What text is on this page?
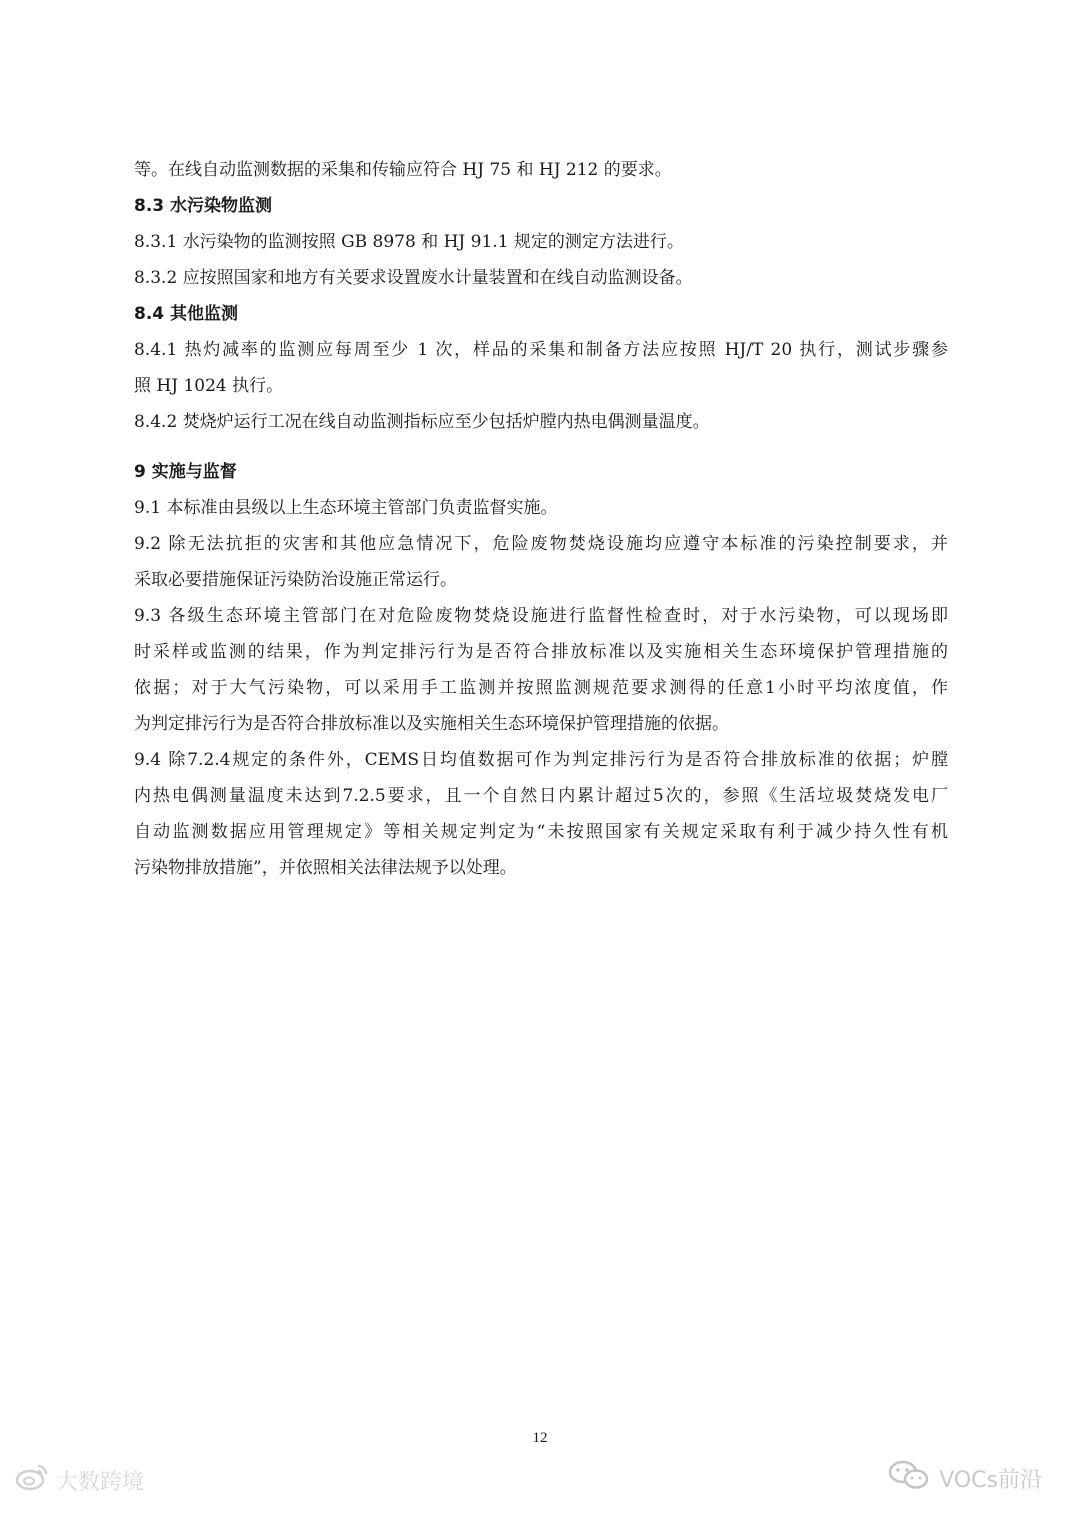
等。在线自动监测数据的采集和传输应符合 HJ 75 和 HJ 212 的要求。
8.3 水污染物监测
8.3.1 水污染物的监测按照 GB 8978 和 HJ 91.1 规定的测定方法进行。
8.3.2 应按照国家和地方有关要求设置废水计量装置和在线自动监测设备。
8.4 其他监测
8.4.1 热灼减率的监测应每周至少 1 次，样品的采集和制备方法应按照 HJ/T 20 执行，测试步骤参
照 HJ 1024 执行。
8.4.2 焚烧炉运行工况在线自动监测指标应至少包括炉膛内热电偶测量温度。
9 实施与监督
9.1 本标准由县级以上生态环境主管部门负责监督实施。
9.2 除无法抗拒的灾害和其他应急情况下，危险废物焚烧设施均应遵守本标准的污染控制要求，并
采取必要措施保证污染防治设施正常运行。
9.3 各级生态环境主管部门在对危险废物焚烧设施进行监督性检查时，对于水污染物，可以现场即
时采样或监测的结果，作为判定排污行为是否符合排放标准以及实施相关生态环境保护管理措施的
依据；对于大气污染物，可以采用手工监测并按照监测规范要求测得的任意1小时平均浓度值，作
为判定排污行为是否符合排放标准以及实施相关生态环境保护管理措施的依据。
9.4 除7.2.4规定的条件外，CEMS日均值数据可作为判定排污行为是否符合排放标准的依据；炉膛
内热电偶测量温度未达到7.2.5要求，且一个自然日内累计超过5次的，参照《生活垃圾焚烧发电厂
自动监测数据应用管理规定》等相关规定判定为“未按照国家有关规定采取有利于减少持久性有机
污染物排放措施”，并依照相关法律法规予以处理。
12
大数跨境	VOCs前沿
